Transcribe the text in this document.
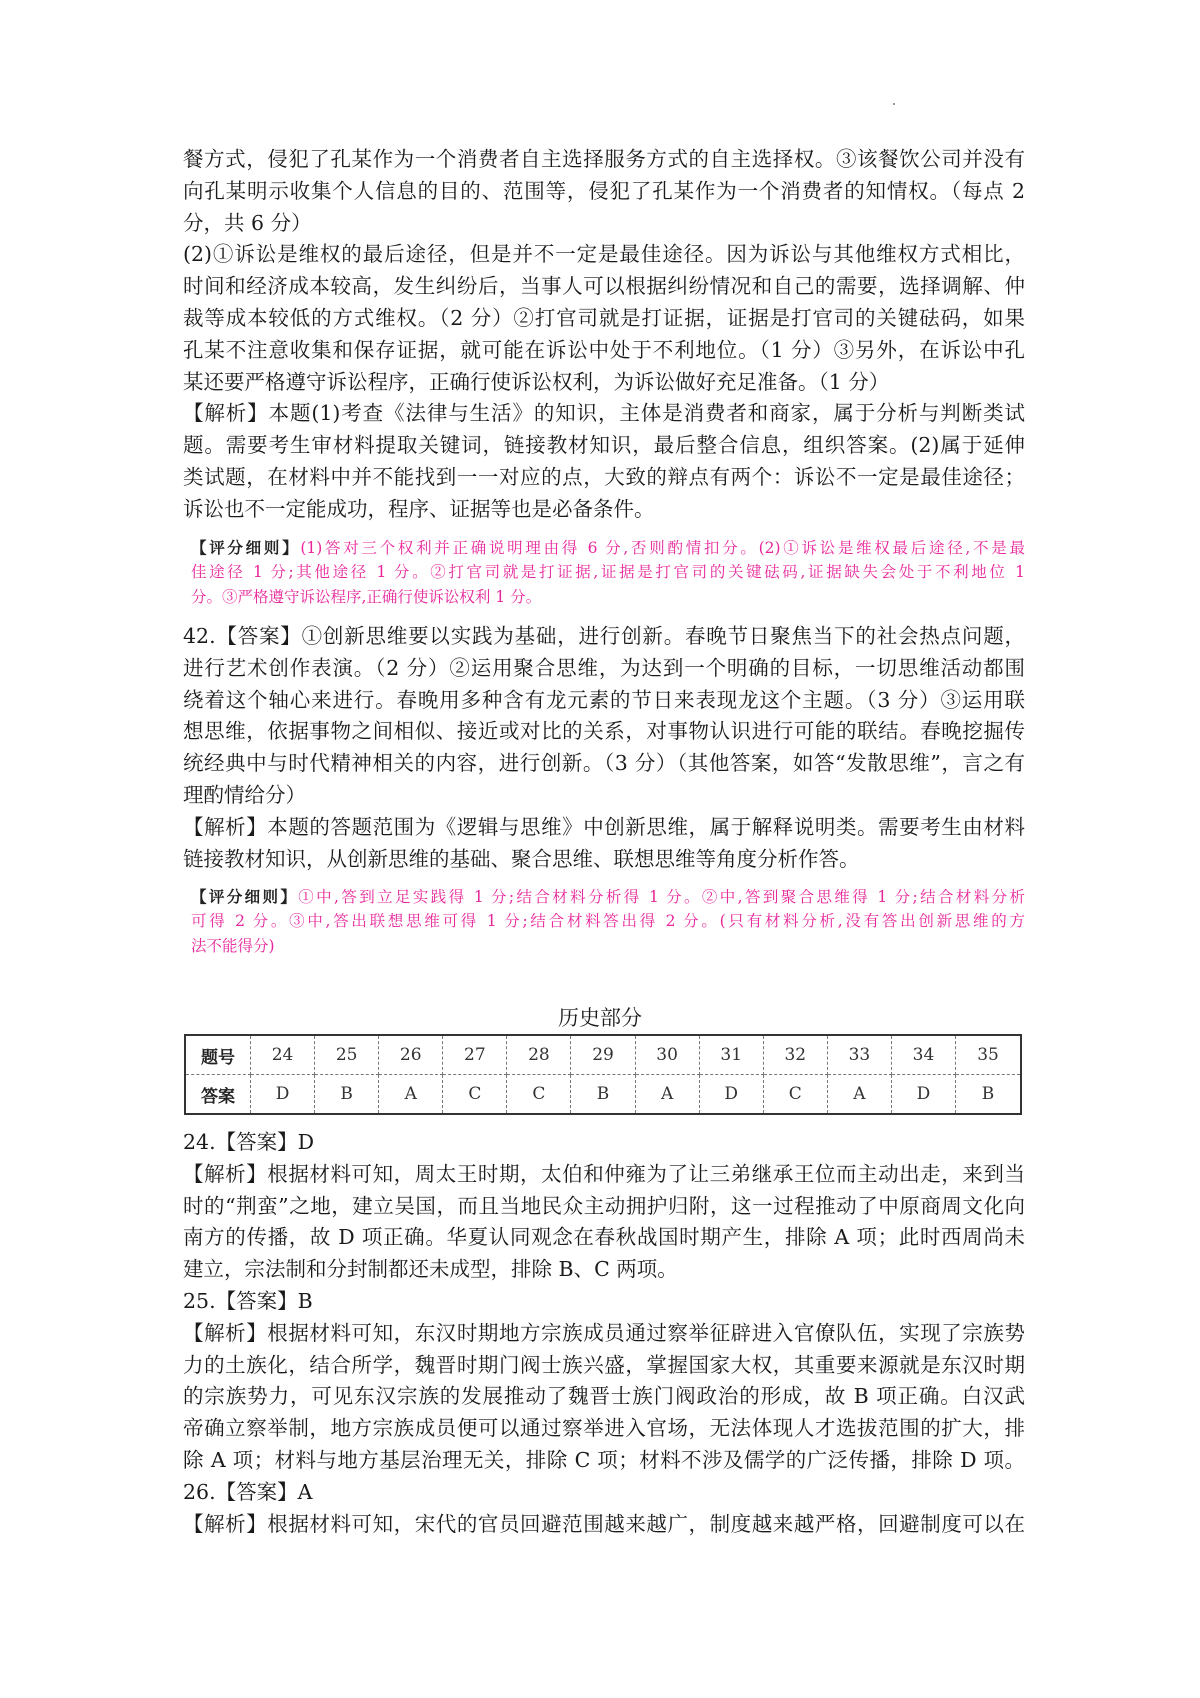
餐方式，侵犯了孔某作为一个消费者自主选择服务方式的自主选择权。③该餐饮公司并没有
向孔某明示收集个人信息的目的、范围等，侵犯了孔某作为一个消费者的知情权。（每点 2
分，共 6 分）
(2)①诉讼是维权的最后途径，但是并不一定是最佳途径。因为诉讼与其他维权方式相比，
时间和经济成本较高，发生纠纷后，当事人可以根据纠纷情况和自己的需要，选择调解、仲
裁等成本较低的方式维权。（2 分）②打官司就是打证据，证据是打官司的关键砝码，如果
孔某不注意收集和保存证据，就可能在诉讼中处于不利地位。（1 分）③另外，在诉讼中孔
某还要严格遵守诉讼程序，正确行使诉讼权利，为诉讼做好充足准备。（1 分）
【解析】本题(1)考查《法律与生活》的知识，主体是消费者和商家，属于分析与判断类试
题。需要考生审材料提取关键词，链接教材知识，最后整合信息，组织答案。(2)属于延伸
类试题，在材料中并不能找到一一对应的点，大致的辩点有两个：诉讼不一定是最佳途径；
诉讼也不一定能成功，程序、证据等也是必备条件。
【评分细则】(1)答对三个权利并正确说明理由得 6 分,否则酌情扣分。(2)①诉讼是维权最后途径,不是最
佳途径 1 分;其他途径 1 分。②打官司就是打证据,证据是打官司的关键砝码,证据缺失会处于不利地位 1
分。③严格遵守诉讼程序,正确行使诉讼权利 1 分。
42.【答案】①创新思维要以实践为基础，进行创新。春晚节日聚焦当下的社会热点问题，
进行艺术创作表演。（2 分）②运用聚合思维，为达到一个明确的目标，一切思维活动都围
绕着这个轴心来进行。春晚用多种含有龙元素的节日来表现龙这个主题。（3 分）③运用联
想思维，依据事物之间相似、接近或对比的关系，对事物认识进行可能的联结。春晚挖掘传
统经典中与时代精神相关的内容，进行创新。（3 分）（其他答案，如答“发散思维”，言之有
理酌情给分）
【解析】本题的答题范围为《逻辑与思维》中创新思维，属于解释说明类。需要考生由材料
链接教材知识，从创新思维的基础、聚合思维、联想思维等角度分析作答。
【评分细则】①中,答到立足实践得 1 分;结合材料分析得 1 分。②中,答到聚合思维得 1 分;结合材料分析
可得 2 分。③中,答出联想思维可得 1 分;结合材料答出得 2 分。(只有材料分析,没有答出创新思维的方
法不能得分)
历史部分
题号	24	25	26	27	28	29	30	31	32	33	34	35
答案	D	B	A	C	C	B	A	D	C	A	D	B
24.【答案】D
【解析】根据材料可知，周太王时期，太伯和仲雍为了让三弟继承王位而主动出走，来到当
时的“荆蛮”之地，建立吴国，而且当地民众主动拥护归附，这一过程推动了中原商周文化向
南方的传播，故 D 项正确。华夏认同观念在春秋战国时期产生，排除 A 项；此时西周尚未
建立，宗法制和分封制都还未成型，排除 B、C 两项。
25.【答案】B
【解析】根据材料可知，东汉时期地方宗族成员通过察举征辟进入官僚队伍，实现了宗族势
力的土族化，结合所学，魏晋时期门阀士族兴盛，掌握国家大权，其重要来源就是东汉时期
的宗族势力，可见东汉宗族的发展推动了魏晋士族门阀政治的形成，故 B 项正确。白汉武
帝确立察举制，地方宗族成员便可以通过察举进入官场，无法体现人才选拔范围的扩大，排
除 A 项；材料与地方基层治理无关，排除 C 项；材料不涉及儒学的广泛传播，排除 D 项。
26.【答案】A
【解析】根据材料可知，宋代的官员回避范围越来越广，制度越来越严格，回避制度可以在
